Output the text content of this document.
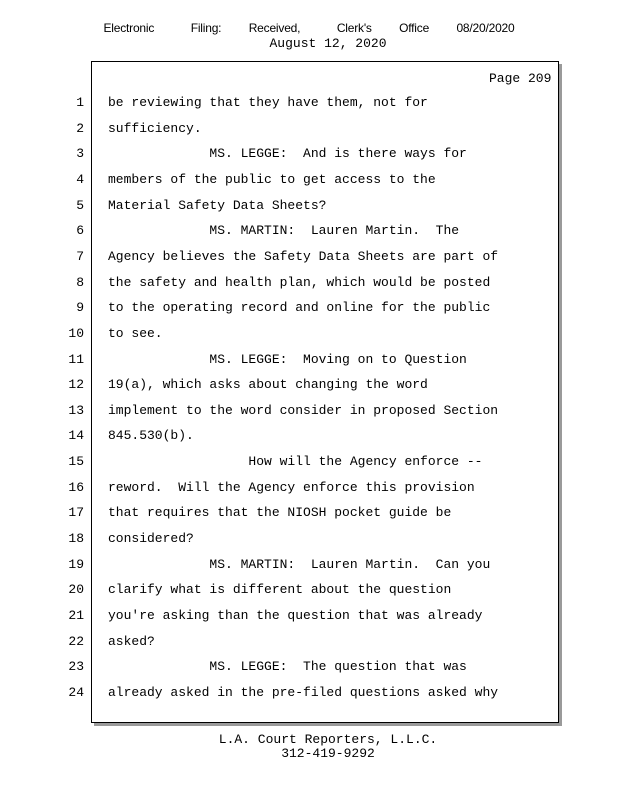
Electronic    Filing:   Received,    Clerk's   Office   08/20/2020
August 12, 2020
Page 209
1 be reviewing that they have them, not for
2 sufficiency.
3 MS. LEGGE:  And is there ways for
4 members of the public to get access to the
5 Material Safety Data Sheets?
6 MS. MARTIN:  Lauren Martin.  The
7 Agency believes the Safety Data Sheets are part of
8 the safety and health plan, which would be posted
9 to the operating record and online for the public
10 to see.
11 MS. LEGGE:  Moving on to Question
12 19(a), which asks about changing the word
13 implement to the word consider in proposed Section
14 845.530(b).
15 How will the Agency enforce --
16 reword.  Will the Agency enforce this provision
17 that requires that the NIOSH pocket guide be
18 considered?
19 MS. MARTIN:  Lauren Martin.  Can you
20 clarify what is different about the question
21 you're asking than the question that was already
22 asked?
23 MS. LEGGE:  The question that was
24 already asked in the pre-filed questions asked why
L.A. Court Reporters, L.L.C.
312-419-9292
